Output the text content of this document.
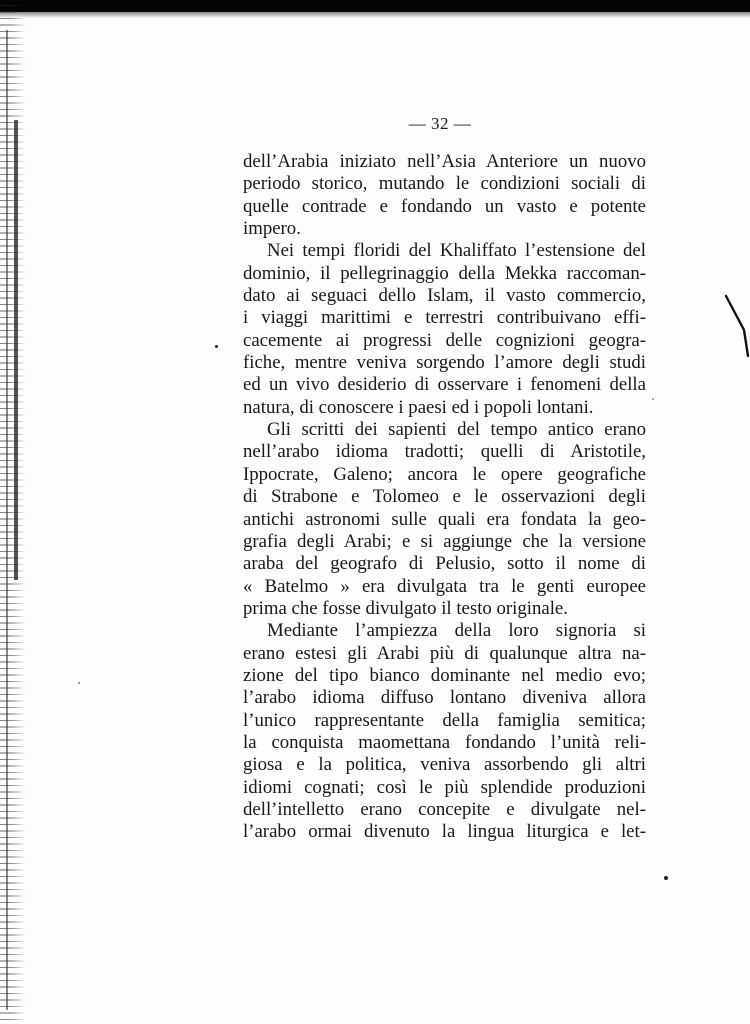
— 32 —
dell’Arabia iniziato nell’Asia Anteriore un nuovo
periodo storico, mutando le condizioni sociali di
quelle contrade e fondando un vasto e potente
impero.
Nei tempi floridi del Khaliffato l’estensione del
dominio, il pellegrinaggio della Mekka raccoman-
dato ai seguaci dello Islam, il vasto commercio,
i viaggi marittimi e terrestri contribuivano effi-
cacemente ai progressi delle cognizioni geogra-
fiche, mentre veniva sorgendo l’amore degli studi
ed un vivo desiderio di osservare i fenomeni della
natura, di conoscere i paesi ed i popoli lontani.
Gli scritti dei sapienti del tempo antico erano
nell’arabo idioma tradotti; quelli di Aristotile,
Ippocrate, Galeno; ancora le opere geografiche
di Strabone e Tolomeo e le osservazioni degli
antichi astronomi sulle quali era fondata la geo-
grafia degli Arabi; e si aggiunge che la versione
araba del geografo di Pelusio, sotto il nome di
« Batelmo » era divulgata tra le genti europee
prima che fosse divulgato il testo originale.
Mediante l’ampiezza della loro signoria si
erano estesi gli Arabi più di qualunque altra na-
zione del tipo bianco dominante nel medio evo;
l’arabo idioma diffuso lontano diveniva allora
l’unico rappresentante della famiglia semitica;
la conquista maomettana fondando l’unità reli-
giosa e la politica, veniva assorbendo gli altri
idiomi cognati; così le più splendide produzioni
dell’intelletto erano concepite e divulgate nel-
l’arabo ormai divenuto la lingua liturgica e let-
